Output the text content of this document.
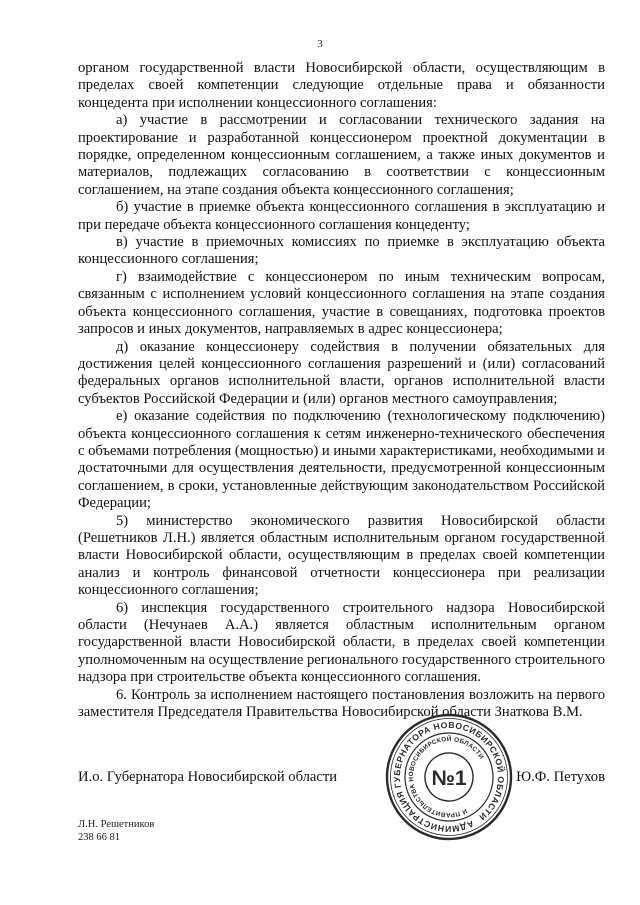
3

органом государственной власти Новосибирской области, осуществляющим в пределах своей компетенции следующие отдельные права и обязанности концедента при исполнении концессионного соглашения:

а) участие в рассмотрении и согласовании технического задания на проектирование и разработанной концессионером проектной документации в порядке, определенном концессионным соглашением, а также иных документов и материалов, подлежащих согласованию в соответствии с концессионным соглашением, на этапе создания объекта концессионного соглашения;

б) участие в приемке объекта концессионного соглашения в эксплуатацию и при передаче объекта концессионного соглашения концеденту;

в) участие в приемочных комиссиях по приемке в эксплуатацию объекта концессионного соглашения;

г) взаимодействие с концессионером по иным техническим вопросам, связанным с исполнением условий концессионного соглашения на этапе создания объекта концессионного соглашения, участие в совещаниях, подготовка проектов запросов и иных документов, направляемых в адрес концессионера;

д) оказание концессионеру содействия в получении обязательных для достижения целей концессионного соглашения разрешений и (или) согласований федеральных органов исполнительной власти, органов исполнительной власти субъектов Российской Федерации и (или) органов местного самоуправления;

е) оказание содействия по подключению (технологическому подключению) объекта концессионного соглашения к сетям инженерно-технического обеспечения с объемами потребления (мощностью) и иными характеристиками, необходимыми и достаточными для осуществления деятельности, предусмотренной концессионным соглашением, в сроки, установленные действующим законодательством Российской Федерации;

5) министерство экономического развития Новосибирской области (Решетников Л.Н.) является областным исполнительным органом государственной власти Новосибирской области, осуществляющим в пределах своей компетенции анализ и контроль финансовой отчетности концессионера при реализации концессионного соглашения;

6) инспекция государственного строительного надзора Новосибирской области (Нечунаев А.А.) является областным исполнительным органом государственной власти Новосибирской области, в пределах своей компетенции уполномоченным на осуществление регионального государственного строительного надзора при строительстве объекта концессионного соглашения.

6. Контроль за исполнением настоящего постановления возложить на первого заместителя Председателя Правительства Новосибирской области Знаткова В.М.

И.о. Губернатора Новосибирской области	Ю.Ф. Петухов
АДМИНИСТРАЦИЯ ГУБЕРНАТОРА НОВОСИБИРСКОЙ ОБЛАСТИ
И ПРАВИТЕЛЬСТВА НОВОСИБИРСКОЙ ОБЛАСТИ
№1
Л.Н. Решетников
238 66 81
